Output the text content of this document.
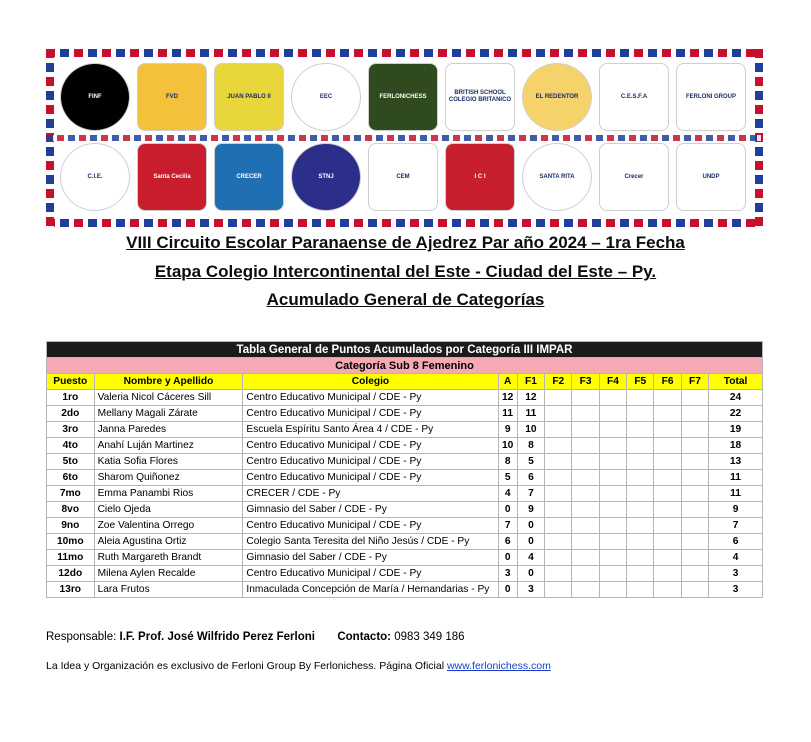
FINF	FVD	JUAN PABLO II	EEC	FERLONICHESS
BRITISH SCHOOL COLEGIO BRITANICO
EL REDENTOR	C.E.S.F.A	FERLONI GROUP
C.I.E.	Santa Cecilia	CRECER	STNJ	CEM	I C I	SANTA RITA	Crecer	UNDP
VIII Circuito Escolar Paranaense de Ajedrez Par año 2024 – 1ra Fecha
Etapa Colegio Intercontinental del Este - Ciudad del Este – Py.
Acumulado General de Categorías
Tabla General de Puntos Acumulados por Categoría III IMPAR											
Categoría Sub 8 Femenino											
Puesto	Nombre y Apellido	Colegio	A	F1	F2	F3	F4	F5	F6	F7	Total
1ro	Valeria Nicol Cáceres Sill	Centro Educativo Municipal / CDE - Py	12	12							24
2do	Mellany Magali Zárate	Centro Educativo Municipal / CDE - Py	11	11							22
3ro	Janna Paredes	Escuela Espíritu Santo Área 4 / CDE - Py	9	10							19
4to	Anahí Luján Martinez	Centro Educativo Municipal / CDE - Py	10	8							18
5to	Katia Sofia Flores	Centro Educativo Municipal / CDE - Py	8	5							13
6to	Sharom Quiñonez	Centro Educativo Municipal / CDE - Py	5	6							11
7mo	Emma Panambi Rios	CRECER / CDE - Py	4	7							11
8vo	Cielo Ojeda	Gimnasio del Saber / CDE - Py	0	9							9
9no	Zoe Valentina Orrego	Centro Educativo Municipal / CDE - Py	7	0							7
10mo	Aleia Agustina Ortiz	Colegio Santa Teresita del Niño Jesús / CDE - Py	6	0							6
11mo	Ruth Margareth Brandt	Gimnasio del Saber / CDE - Py	0	4							4
12do	Milena Aylen Recalde	Centro Educativo Municipal / CDE - Py	3	0							3
13ro	Lara Frutos	Inmaculada Concepción de María / Hernandarias - Py	0	3							3
Responsable: I.F. Prof. José Wilfrido Perez Ferloni Contacto: 0983 349 186
La Idea y Organización es exclusivo de Ferloni Group By Ferlonichess. Página Oficial www.ferlonichess.com
